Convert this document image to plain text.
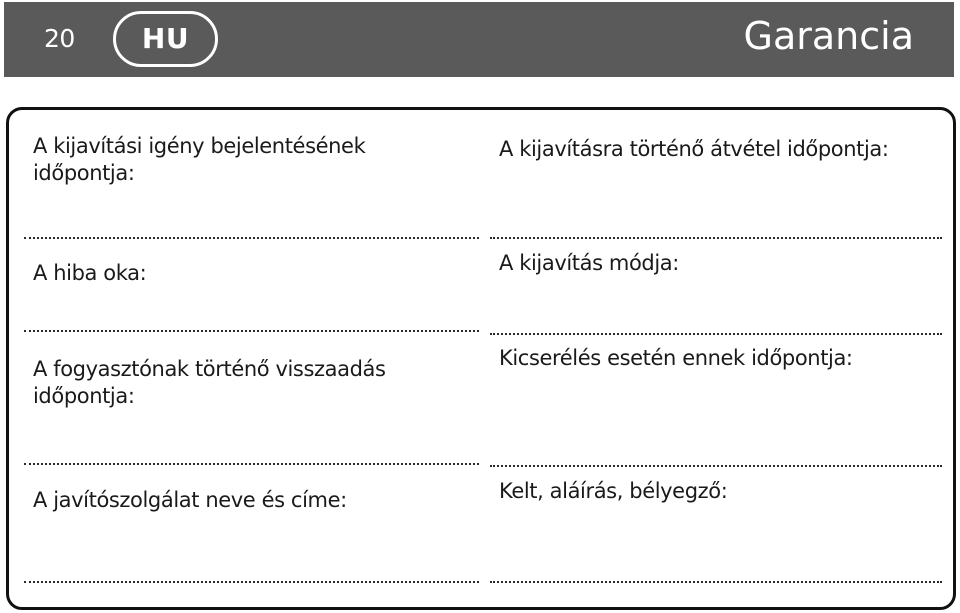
20	HU	Garancia
A kijavítási igény bejelentésének
időpontja:
A hiba oka:
A fogyasztónak történő visszaadás
időpontja:
A javítószolgálat neve és címe:
A kijavításra történő átvétel időpontja:
A kijavítás módja:
Kicserélés esetén ennek időpontja:
Kelt, aláírás, bélyegző:
